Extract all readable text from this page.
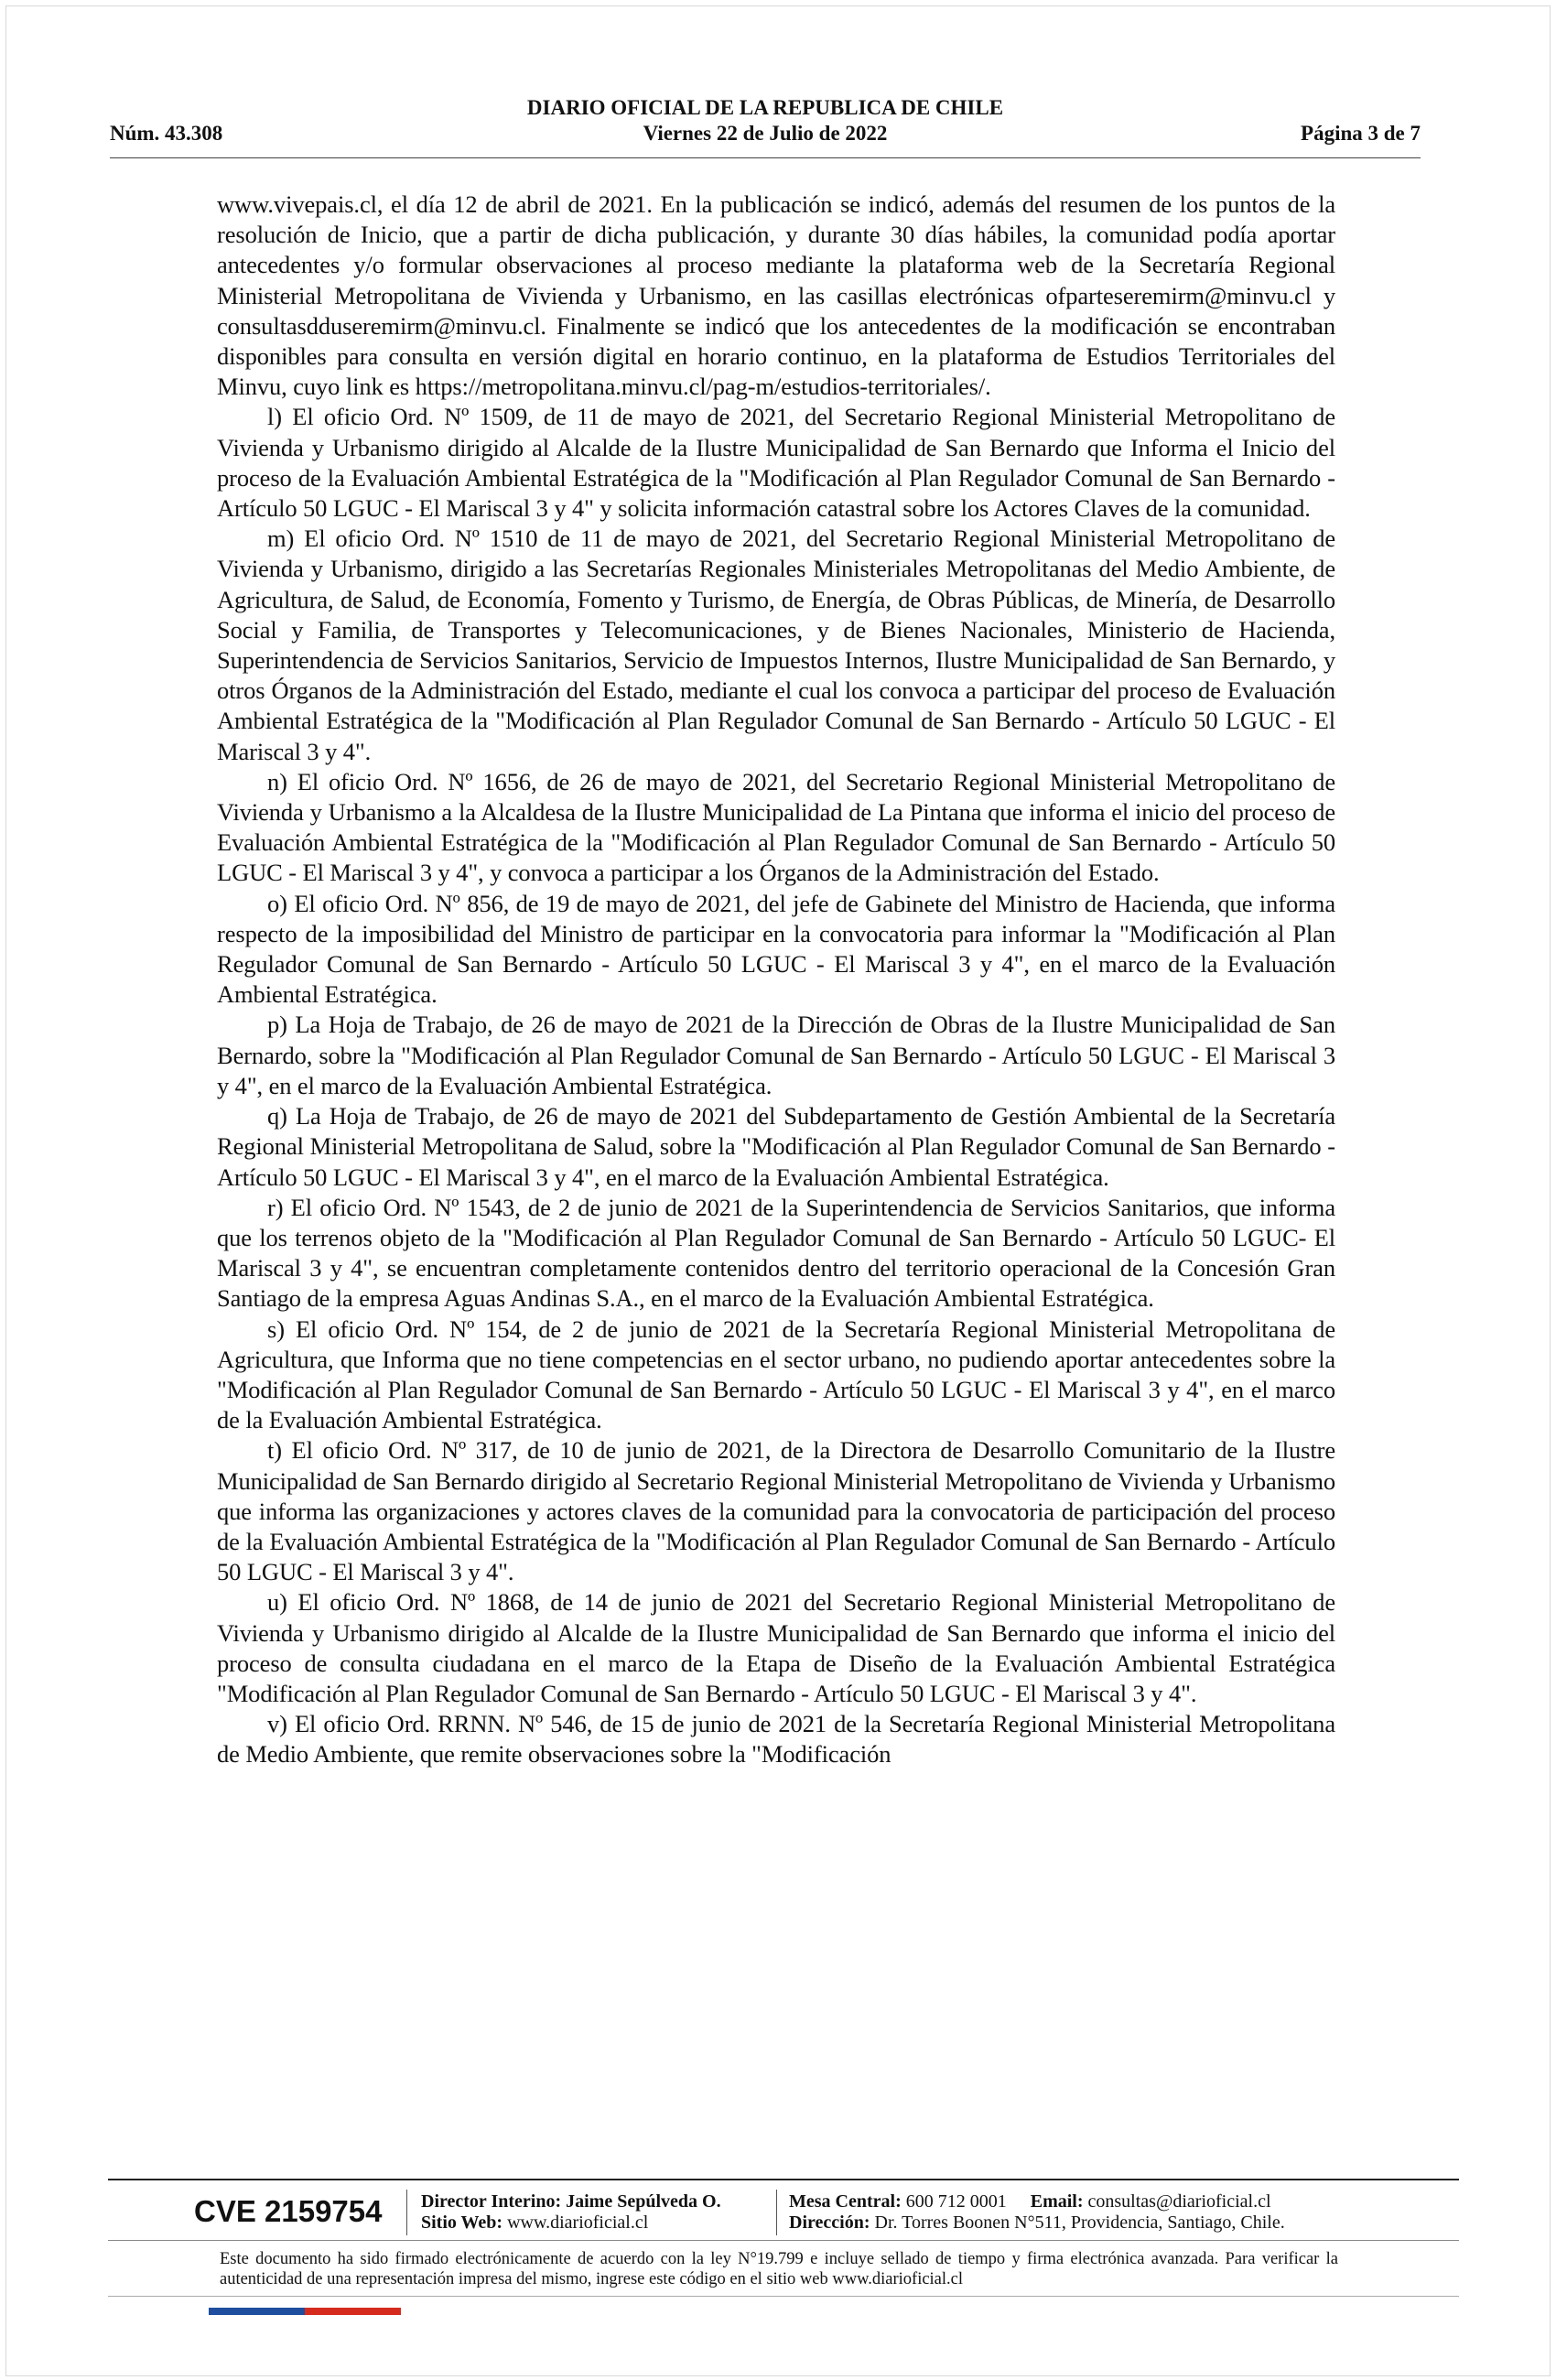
DIARIO OFICIAL DE LA REPUBLICA DE CHILE
Núm. 43.308	Viernes 22 de Julio de 2022	Página 3 de 7

www.vivepais.cl, el día 12 de abril de 2021. En la publicación se indicó, además del resumen de los puntos de la resolución de Inicio, que a partir de dicha publicación, y durante 30 días hábiles, la comunidad podía aportar antecedentes y/o formular observaciones al proceso mediante la plataforma web de la Secretaría Regional Ministerial Metropolitana de Vivienda y Urbanismo, en las casillas electrónicas ofparteseremirm@minvu.cl y consultasdduseremirm@minvu.cl. Finalmente se indicó que los antecedentes de la modificación se encontraban disponibles para consulta en versión digital en horario continuo, en la plataforma de Estudios Territoriales del Minvu, cuyo link es https://metropolitana.minvu.cl/pag-m/estudios-territoriales/.

l) El oficio Ord. Nº 1509, de 11 de mayo de 2021, del Secretario Regional Ministerial Metropolitano de Vivienda y Urbanismo dirigido al Alcalde de la Ilustre Municipalidad de San Bernardo que Informa el Inicio del proceso de la Evaluación Ambiental Estratégica de la "Modificación al Plan Regulador Comunal de San Bernardo - Artículo 50 LGUC - El Mariscal 3 y 4" y solicita información catastral sobre los Actores Claves de la comunidad.

m) El oficio Ord. Nº 1510 de 11 de mayo de 2021, del Secretario Regional Ministerial Metropolitano de Vivienda y Urbanismo, dirigido a las Secretarías Regionales Ministeriales Metropolitanas del Medio Ambiente, de Agricultura, de Salud, de Economía, Fomento y Turismo, de Energía, de Obras Públicas, de Minería, de Desarrollo Social y Familia, de Transportes y Telecomunicaciones, y de Bienes Nacionales, Ministerio de Hacienda, Superintendencia de Servicios Sanitarios, Servicio de Impuestos Internos, Ilustre Municipalidad de San Bernardo, y otros Órganos de la Administración del Estado, mediante el cual los convoca a participar del proceso de Evaluación Ambiental Estratégica de la "Modificación al Plan Regulador Comunal de San Bernardo - Artículo 50 LGUC - El Mariscal 3 y 4".

n) El oficio Ord. Nº 1656, de 26 de mayo de 2021, del Secretario Regional Ministerial Metropolitano de Vivienda y Urbanismo a la Alcaldesa de la Ilustre Municipalidad de La Pintana que informa el inicio del proceso de Evaluación Ambiental Estratégica de la "Modificación al Plan Regulador Comunal de San Bernardo - Artículo 50 LGUC - El Mariscal 3 y 4", y convoca a participar a los Órganos de la Administración del Estado.

o) El oficio Ord. Nº 856, de 19 de mayo de 2021, del jefe de Gabinete del Ministro de Hacienda, que informa respecto de la imposibilidad del Ministro de participar en la convocatoria para informar la "Modificación al Plan Regulador Comunal de San Bernardo - Artículo 50 LGUC - El Mariscal 3 y 4", en el marco de la Evaluación Ambiental Estratégica.

p) La Hoja de Trabajo, de 26 de mayo de 2021 de la Dirección de Obras de la Ilustre Municipalidad de San Bernardo, sobre la "Modificación al Plan Regulador Comunal de San Bernardo - Artículo 50 LGUC - El Mariscal 3 y 4", en el marco de la Evaluación Ambiental Estratégica.

q) La Hoja de Trabajo, de 26 de mayo de 2021 del Subdepartamento de Gestión Ambiental de la Secretaría Regional Ministerial Metropolitana de Salud, sobre la "Modificación al Plan Regulador Comunal de San Bernardo - Artículo 50 LGUC - El Mariscal 3 y 4", en el marco de la Evaluación Ambiental Estratégica.

r) El oficio Ord. Nº 1543, de 2 de junio de 2021 de la Superintendencia de Servicios Sanitarios, que informa que los terrenos objeto de la "Modificación al Plan Regulador Comunal de San Bernardo - Artículo 50 LGUC- El Mariscal 3 y 4", se encuentran completamente contenidos dentro del territorio operacional de la Concesión Gran Santiago de la empresa Aguas Andinas S.A., en el marco de la Evaluación Ambiental Estratégica.

s) El oficio Ord. Nº 154, de 2 de junio de 2021 de la Secretaría Regional Ministerial Metropolitana de Agricultura, que Informa que no tiene competencias en el sector urbano, no pudiendo aportar antecedentes sobre la "Modificación al Plan Regulador Comunal de San Bernardo - Artículo 50 LGUC - El Mariscal 3 y 4", en el marco de la Evaluación Ambiental Estratégica.

t) El oficio Ord. Nº 317, de 10 de junio de 2021, de la Directora de Desarrollo Comunitario de la Ilustre Municipalidad de San Bernardo dirigido al Secretario Regional Ministerial Metropolitano de Vivienda y Urbanismo que informa las organizaciones y actores claves de la comunidad para la convocatoria de participación del proceso de la Evaluación Ambiental Estratégica de la "Modificación al Plan Regulador Comunal de San Bernardo - Artículo 50 LGUC - El Mariscal 3 y 4".

u) El oficio Ord. Nº 1868, de 14 de junio de 2021 del Secretario Regional Ministerial Metropolitano de Vivienda y Urbanismo dirigido al Alcalde de la Ilustre Municipalidad de San Bernardo que informa el inicio del proceso de consulta ciudadana en el marco de la Etapa de Diseño de la Evaluación Ambiental Estratégica "Modificación al Plan Regulador Comunal de San Bernardo - Artículo 50 LGUC - El Mariscal 3 y 4".

v) El oficio Ord. RRNN. Nº 546, de 15 de junio de 2021 de la Secretaría Regional Ministerial Metropolitana de Medio Ambiente, que remite observaciones sobre la "Modificación

CVE 2159754 Director Interino: Jaime Sepúlveda O.
Sitio Web: www.diarioficial.cl
Mesa Central: 600 712 0001 Email: consultas@diarioficial.cl
Dirección: Dr. Torres Boonen N°511, Providencia, Santiago, Chile.
Este documento ha sido firmado electrónicamente de acuerdo con la ley N°19.799 e incluye sellado de tiempo y firma electrónica avanzada. Para verificar la autenticidad de una representación impresa del mismo, ingrese este código en el sitio web www.diarioficial.cl
